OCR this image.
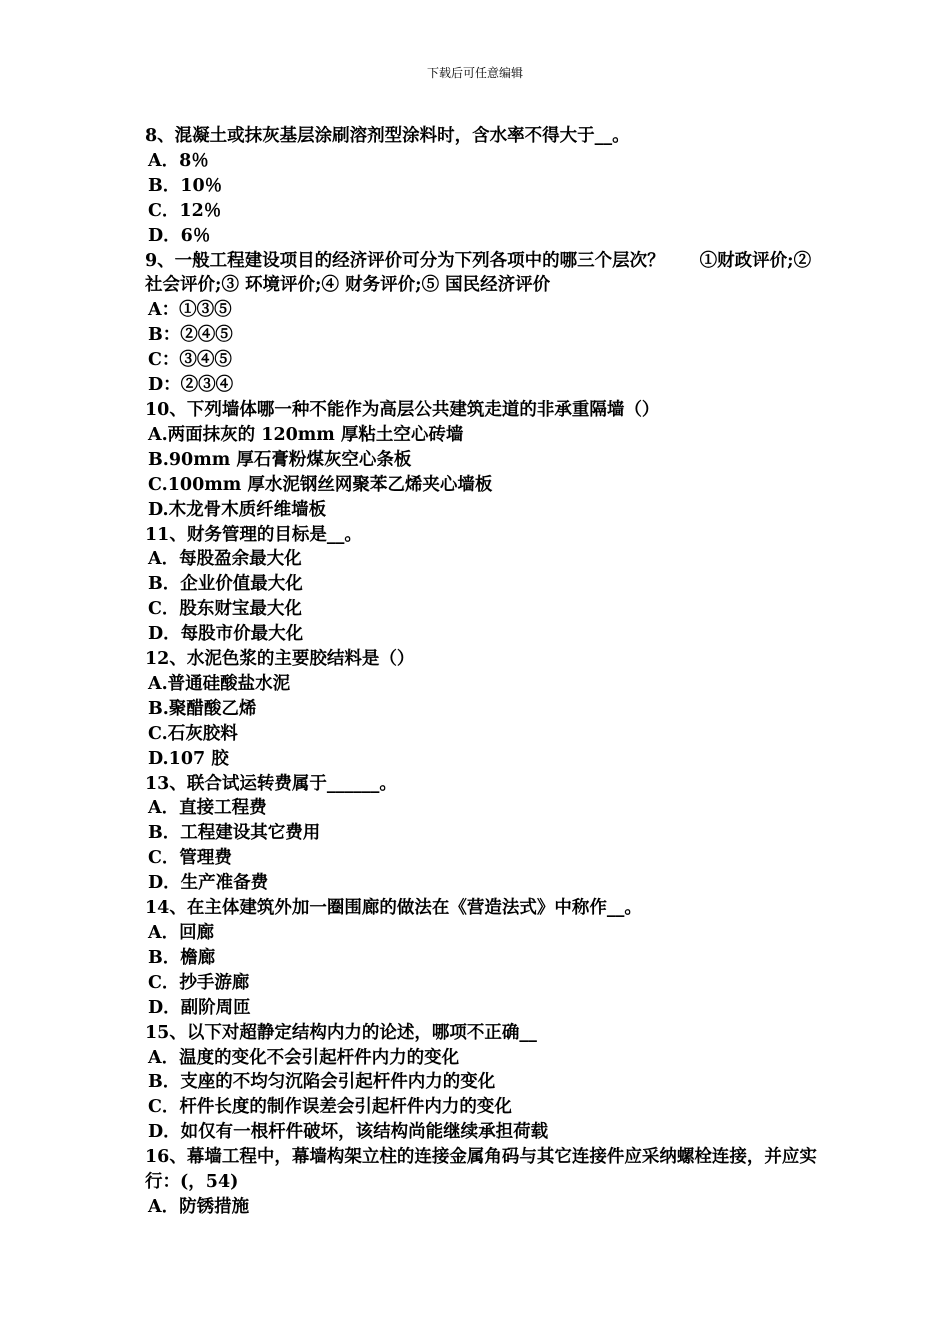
下载后可任意编辑
8、混凝土或抹灰基层涂刷溶剂型涂料时，含水率不得大于__。
A．8％
B．10％
C．12％
D．6％
9、一般工程建设项目的经济评价可分为下列各项中的哪三个层次？　　①财政评价;② 社会评价;③ 环境评价;④ 财务评价;⑤ 国民经济评价
A：①③⑤
B：②④⑤
C：③④⑤
D：②③④
10、下列墙体哪一种不能作为高层公共建筑走道的非承重隔墙（）
A.两面抹灰的 120mm 厚粘土空心砖墙
B.90mm 厚石膏粉煤灰空心条板
C.100mm 厚水泥钢丝网聚苯乙烯夹心墙板
D.木龙骨木质纤维墙板
11、财务管理的目标是__。
A．每股盈余最大化
B．企业价值最大化
C．股东财宝最大化
D．每股市价最大化
12、水泥色浆的主要胶结料是（）
A.普通硅酸盐水泥
B.聚醋酸乙烯
C.石灰胶料
D.107 胶
13、联合试运转费属于______。
A．直接工程费
B．工程建设其它费用
C．管理费
D．生产准备费
14、在主体建筑外加一圈围廊的做法在《营造法式》中称作__。
A．回廊
B．檐廊
C．抄手游廊
D．副阶周匝
15、以下对超静定结构内力的论述，哪项不正确__
A．温度的变化不会引起杆件内力的变化
B．支座的不均匀沉陷会引起杆件内力的变化
C．杆件长度的制作误差会引起杆件内力的变化
D．如仅有一根杆件破坏，该结构尚能继续承担荷载
16、幕墙工程中，幕墙构架立柱的连接金属角码与其它连接件应采纳螺栓连接，并应实行：(，54)
A．防锈措施
